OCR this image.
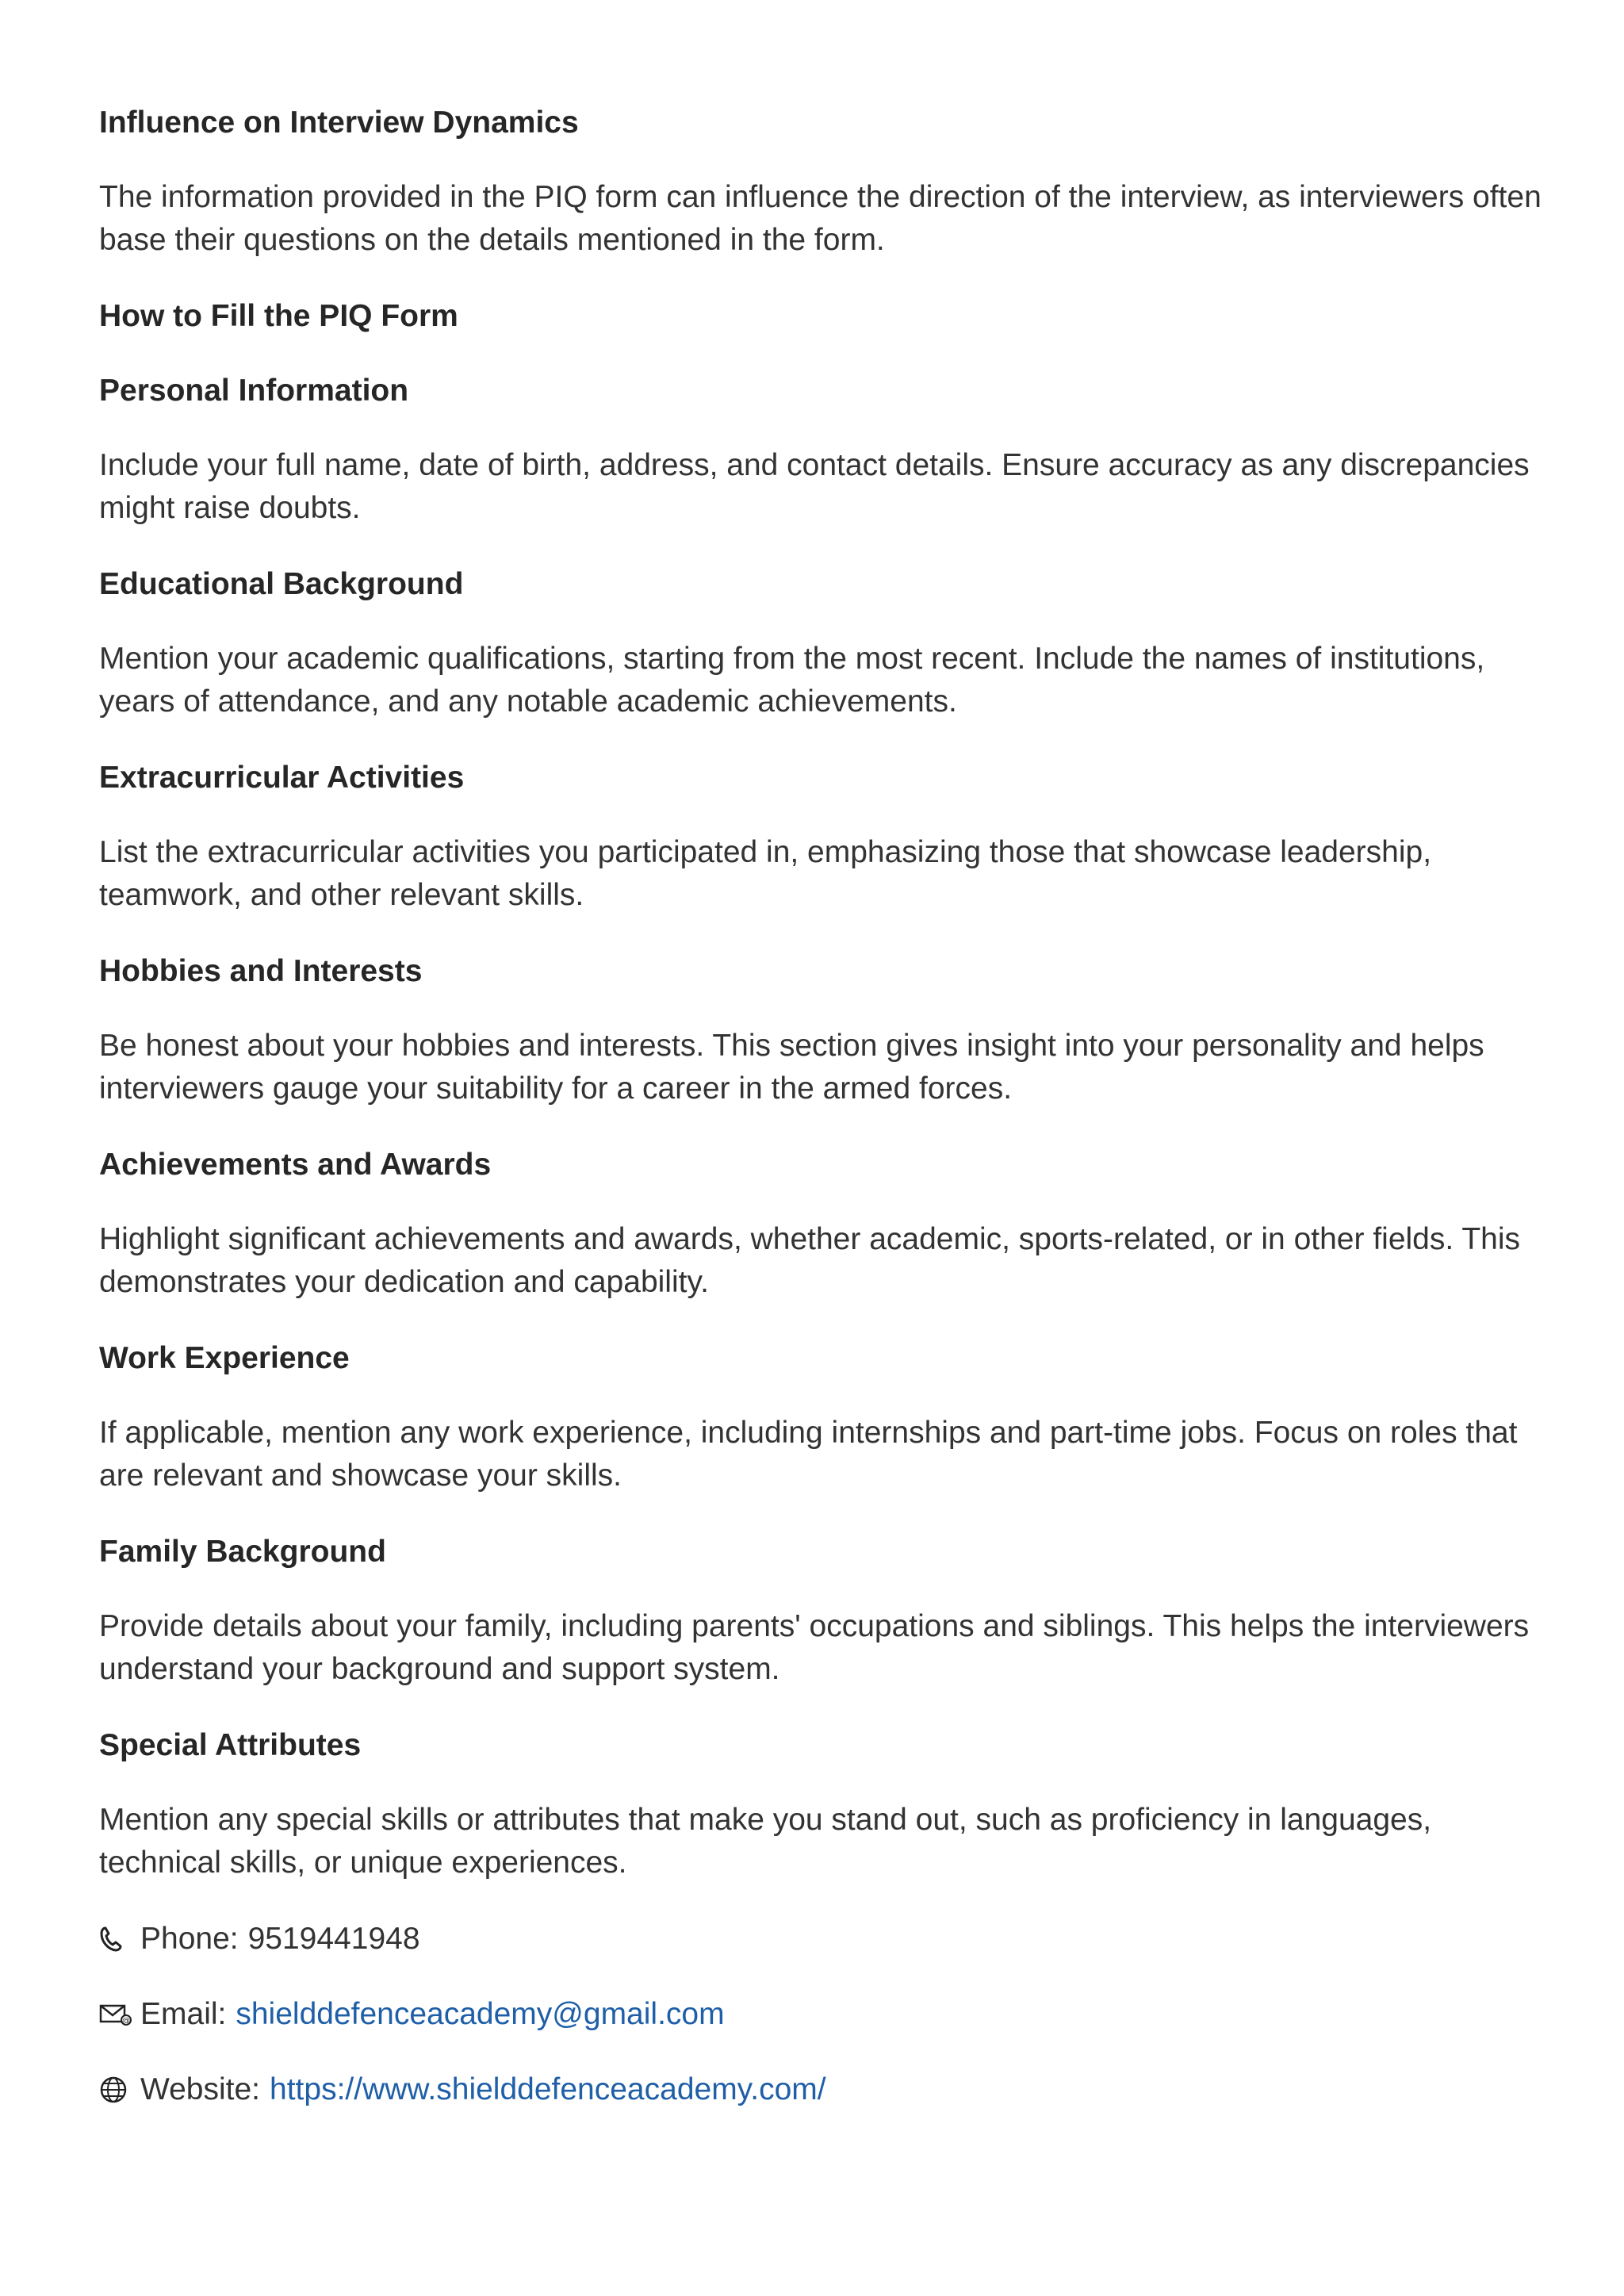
Influence on Interview Dynamics
The information provided in the PIQ form can influence the direction of the interview, as interviewers often base their questions on the details mentioned in the form.
How to Fill the PIQ Form
Personal Information
Include your full name, date of birth, address, and contact details. Ensure accuracy as any discrepancies might raise doubts.
Educational Background
Mention your academic qualifications, starting from the most recent. Include the names of institutions, years of attendance, and any notable academic achievements.
Extracurricular Activities
List the extracurricular activities you participated in, emphasizing those that showcase leadership, teamwork, and other relevant skills.
Hobbies and Interests
Be honest about your hobbies and interests. This section gives insight into your personality and helps interviewers gauge your suitability for a career in the armed forces.
Achievements and Awards
Highlight significant achievements and awards, whether academic, sports-related, or in other fields. This demonstrates your dedication and capability.
Work Experience
If applicable, mention any work experience, including internships and part-time jobs. Focus on roles that are relevant and showcase your skills.
Family Background
Provide details about your family, including parents' occupations and siblings. This helps the interviewers understand your background and support system.
Special Attributes
Mention any special skills or attributes that make you stand out, such as proficiency in languages, technical skills, or unique experiences.
Phone: 9519441948
@ Email: shielddefenceacademy@gmail.com
Website: https://www.shielddefenceacademy.com/
